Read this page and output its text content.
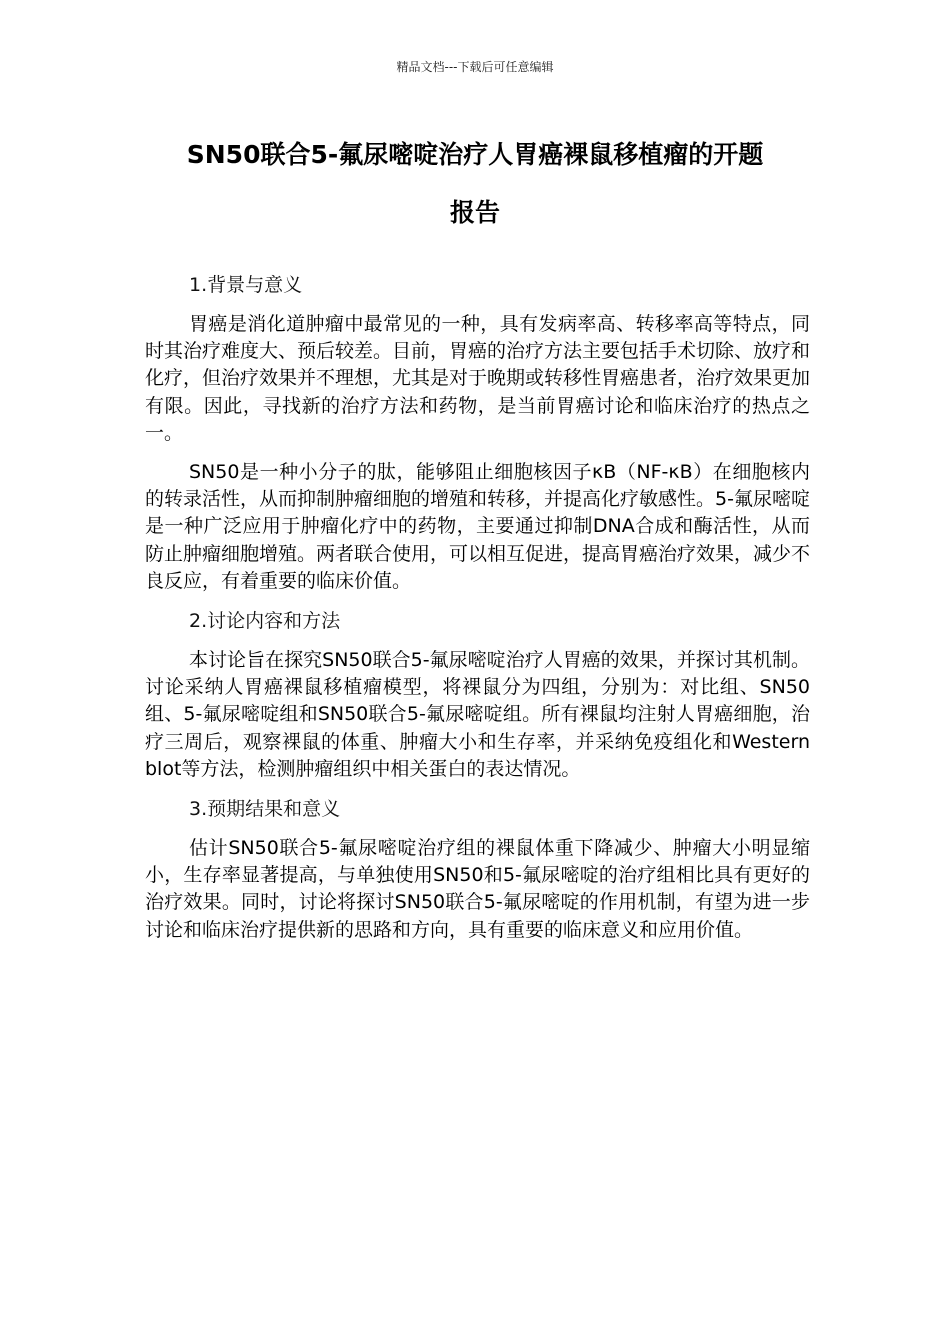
精品文档---下载后可任意编辑
SN50联合5-氟尿嘧啶治疗人胃癌裸鼠移植瘤的开题
报告

1.背景与意义

胃癌是消化道肿瘤中最常见的一种，具有发病率高、转移率高等特点，同时其治疗难度大、预后较差。目前，胃癌的治疗方法主要包括手术切除、放疗和化疗，但治疗效果并不理想，尤其是对于晚期或转移性胃癌患者，治疗效果更加有限。因此，寻找新的治疗方法和药物，是当前胃癌讨论和临床治疗的热点之一。

SN50是一种小分子的肽，能够阻止细胞核因子κB（NF-κB）在细胞核内的转录活性，从而抑制肿瘤细胞的增殖和转移，并提高化疗敏感性。5-氟尿嘧啶是一种广泛应用于肿瘤化疗中的药物，主要通过抑制DNA合成和酶活性，从而防止肿瘤细胞增殖。两者联合使用，可以相互促进，提高胃癌治疗效果，减少不良反应，有着重要的临床价值。

2.讨论内容和方法

本讨论旨在探究SN50联合5-氟尿嘧啶治疗人胃癌的效果，并探讨其机制。讨论采纳人胃癌裸鼠移植瘤模型，将裸鼠分为四组，分别为：对比组、SN50组、5-氟尿嘧啶组和SN50联合5-氟尿嘧啶组。所有裸鼠均注射人胃癌细胞，治疗三周后，观察裸鼠的体重、肿瘤大小和生存率，并采纳免疫组化和Western blot等方法，检测肿瘤组织中相关蛋白的表达情况。

3.预期结果和意义

估计SN50联合5-氟尿嘧啶治疗组的裸鼠体重下降减少、肿瘤大小明显缩小，生存率显著提高，与单独使用SN50和5-氟尿嘧啶的治疗组相比具有更好的治疗效果。同时，讨论将探讨SN50联合5-氟尿嘧啶的作用机制，有望为进一步讨论和临床治疗提供新的思路和方向，具有重要的临床意义和应用价值。
